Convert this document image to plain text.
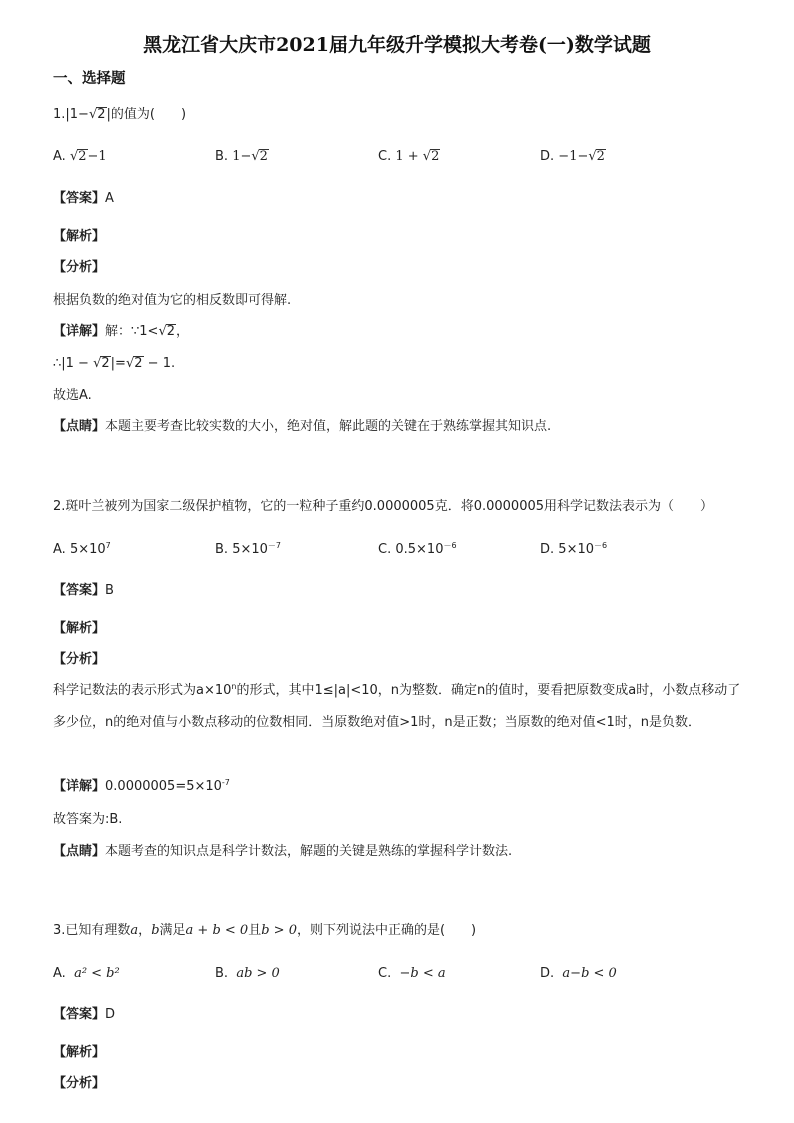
黑龙江省大庆市2021届九年级升学模拟大考卷(一)数学试题
一、选择题
1.|1−√2|的值为(　　)
A. √2−1	B. 1−√2	C. 1 + √2	D. −1−√2
【答案】A
【解析】
【分析】
根据负数的绝对值为它的相反数即可得解.
【详解】解：∵1<√2，
∴|1 − √2|=√2 − 1.
故选A.
【点睛】本题主要考查比较实数的大小，绝对值，解此题的关键在于熟练掌握其知识点.
2.斑叶兰被列为国家二级保护植物，它的一粒种子重约0.0000005克．将0.0000005用科学记数法表示为（　　）
A. $5\times 10^7$	B. $5\times 10^{-7}$	C. $0.5\times 10^{-6}$	D. $5\times 10^{-6}$
【答案】B
【解析】
【分析】
科学记数法的表示形式为$a\times 10^n$的形式，其中1≤|a|<10，n为整数．确定n的值时，要看把原数变成a时，小数点移动了多少位，n的绝对值与小数点移动的位数相同．当原数绝对值>1时，n是正数；当原数的绝对值<1时，n是负数．
【详解】$0.0000005=5\times 10^{-7}$
故答案为:B.
【点睛】本题考查的知识点是科学计数法，解题的关键是熟练的掌握科学计数法.
3.已知有理数a，b满足a + b < 0且b > 0，则下列说法中正确的是(　　)
A. a² < b²	B. ab > 0	C. −b < a	D. a−b < 0
【答案】D
【解析】
【分析】
